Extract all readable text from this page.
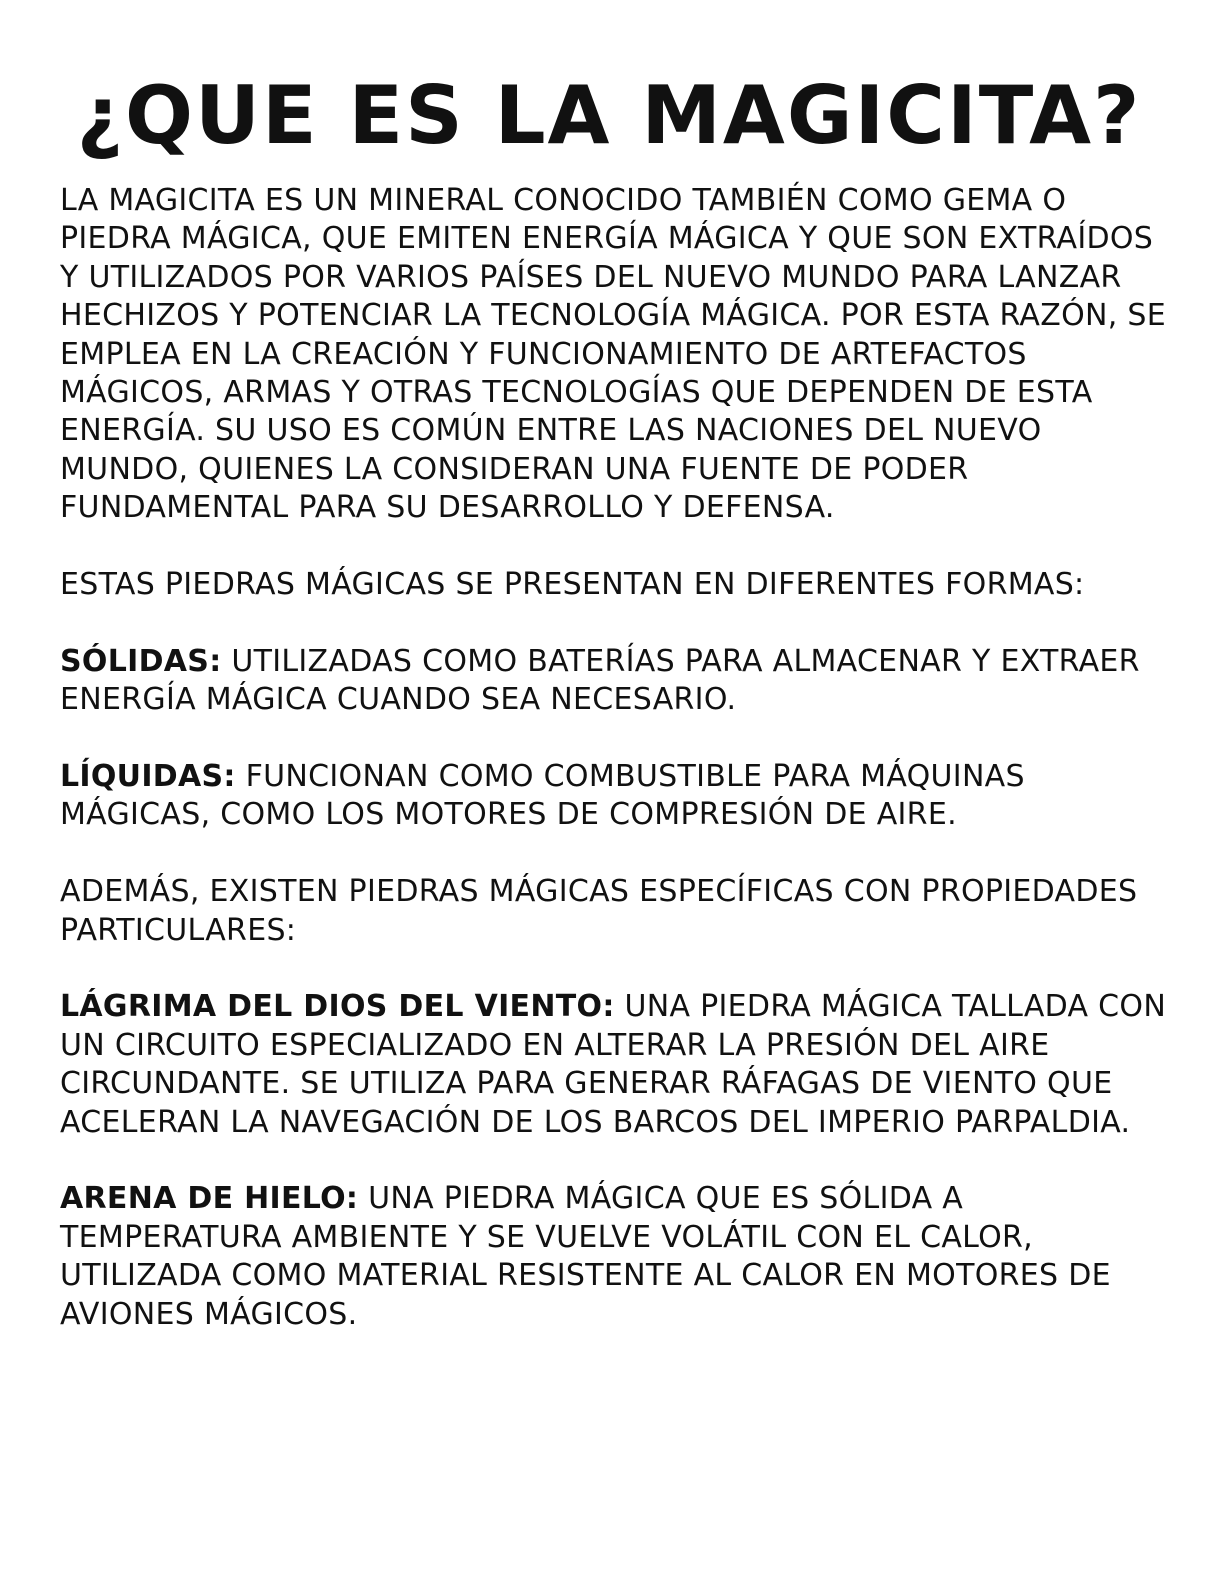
¿QUE ES LA MAGICITA?

LA MAGICITA ES UN MINERAL CONOCIDO TAMBIÉN COMO GEMA O PIEDRA MÁGICA, QUE EMITEN ENERGÍA MÁGICA Y QUE SON EXTRAÍDOS Y UTILIZADOS POR VARIOS PAÍSES DEL NUEVO MUNDO PARA LANZAR HECHIZOS Y POTENCIAR LA TECNOLOGÍA MÁGICA. POR ESTA RAZÓN, SE EMPLEA EN LA CREACIÓN Y FUNCIONAMIENTO DE ARTEFACTOS MÁGICOS, ARMAS Y OTRAS TECNOLOGÍAS QUE DEPENDEN DE ESTA ENERGÍA. SU USO ES COMÚN ENTRE LAS NACIONES DEL NUEVO MUNDO, QUIENES LA CONSIDERAN UNA FUENTE DE PODER FUNDAMENTAL PARA SU DESARROLLO Y DEFENSA.

ESTAS PIEDRAS MÁGICAS SE PRESENTAN EN DIFERENTES FORMAS:

SÓLIDAS: UTILIZADAS COMO BATERÍAS PARA ALMACENAR Y EXTRAER ENERGÍA MÁGICA CUANDO SEA NECESARIO.

LÍQUIDAS: FUNCIONAN COMO COMBUSTIBLE PARA MÁQUINAS MÁGICAS, COMO LOS MOTORES DE COMPRESIÓN DE AIRE.

ADEMÁS, EXISTEN PIEDRAS MÁGICAS ESPECÍFICAS CON PROPIEDADES PARTICULARES:

LÁGRIMA DEL DIOS DEL VIENTO: UNA PIEDRA MÁGICA TALLADA CON UN CIRCUITO ESPECIALIZADO EN ALTERAR LA PRESIÓN DEL AIRE CIRCUNDANTE. SE UTILIZA PARA GENERAR RÁFAGAS DE VIENTO QUE ACELERAN LA NAVEGACIÓN DE LOS BARCOS DEL IMPERIO PARPALDIA.

ARENA DE HIELO: UNA PIEDRA MÁGICA QUE ES SÓLIDA A TEMPERATURA AMBIENTE Y SE VUELVE VOLÁTIL CON EL CALOR, UTILIZADA COMO MATERIAL RESISTENTE AL CALOR EN MOTORES DE AVIONES MÁGICOS.
